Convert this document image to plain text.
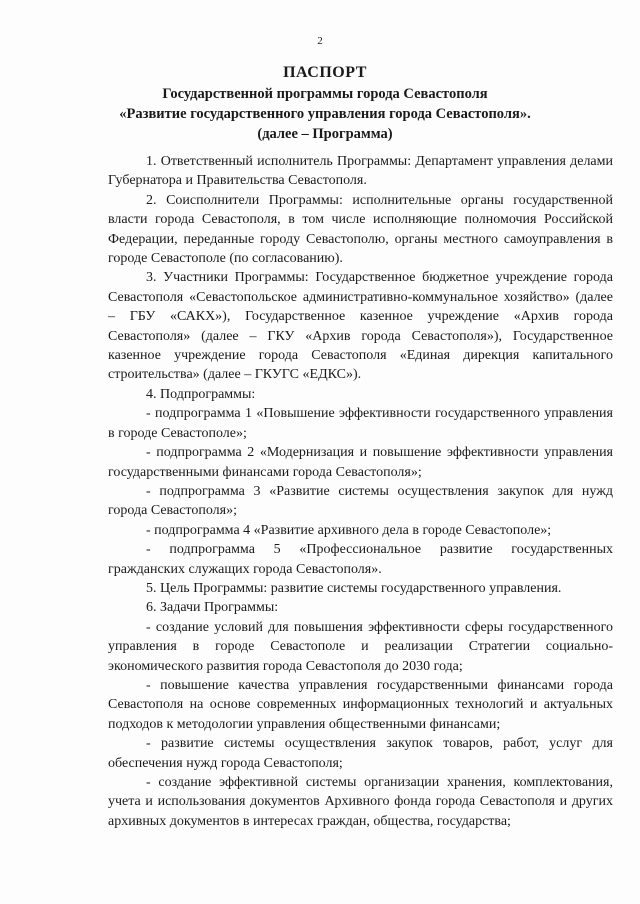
2
ПАСПОРТ
Государственной программы города Севастополя
«Развитие государственного управления города Севастополя».
(далее – Программа)

1. Ответственный исполнитель Программы: Департамент управления делами Губернатора и Правительства Севастополя.

2. Соисполнители Программы: исполнительные органы государственной власти города Севастополя, в том числе исполняющие полномочия Российской Федерации, переданные городу Севастополю, органы местного самоуправления в городе Севастополе (по согласованию).

3. Участники Программы: Государственное бюджетное учреждение города Севастополя «Севастопольское административно-коммунальное хозяйство» (далее – ГБУ «САКХ»), Государственное казенное учреждение «Архив города Севастополя» (далее – ГКУ «Архив города Севастополя»), Государственное казенное учреждение города Севастополя «Единая дирекция капитального строительства» (далее – ГКУГС «ЕДКС»).

4. Подпрограммы:

- подпрограмма 1 «Повышение эффективности государственного управления в городе Севастополе»;

- подпрограмма 2 «Модернизация и повышение эффективности управления государственными финансами города Севастополя»;

- подпрограмма 3 «Развитие системы осуществления закупок для нужд города Севастополя»;

- подпрограмма 4 «Развитие архивного дела в городе Севастополе»;

- подпрограмма 5 «Профессиональное развитие государственных гражданских служащих города Севастополя».

5. Цель Программы: развитие системы государственного управления.

6. Задачи Программы:

- создание условий для повышения эффективности сферы государственного управления в городе Севастополе и реализации Стратегии социально-экономического развития города Севастополя до 2030 года;

- повышение качества управления государственными финансами города Севастополя на основе современных информационных технологий и актуальных подходов к методологии управления общественными финансами;

- развитие системы осуществления закупок товаров, работ, услуг для обеспечения нужд города Севастополя;

- создание эффективной системы организации хранения, комплектования, учета и использования документов Архивного фонда города Севастополя и других архивных документов в интересах граждан, общества, государства;
